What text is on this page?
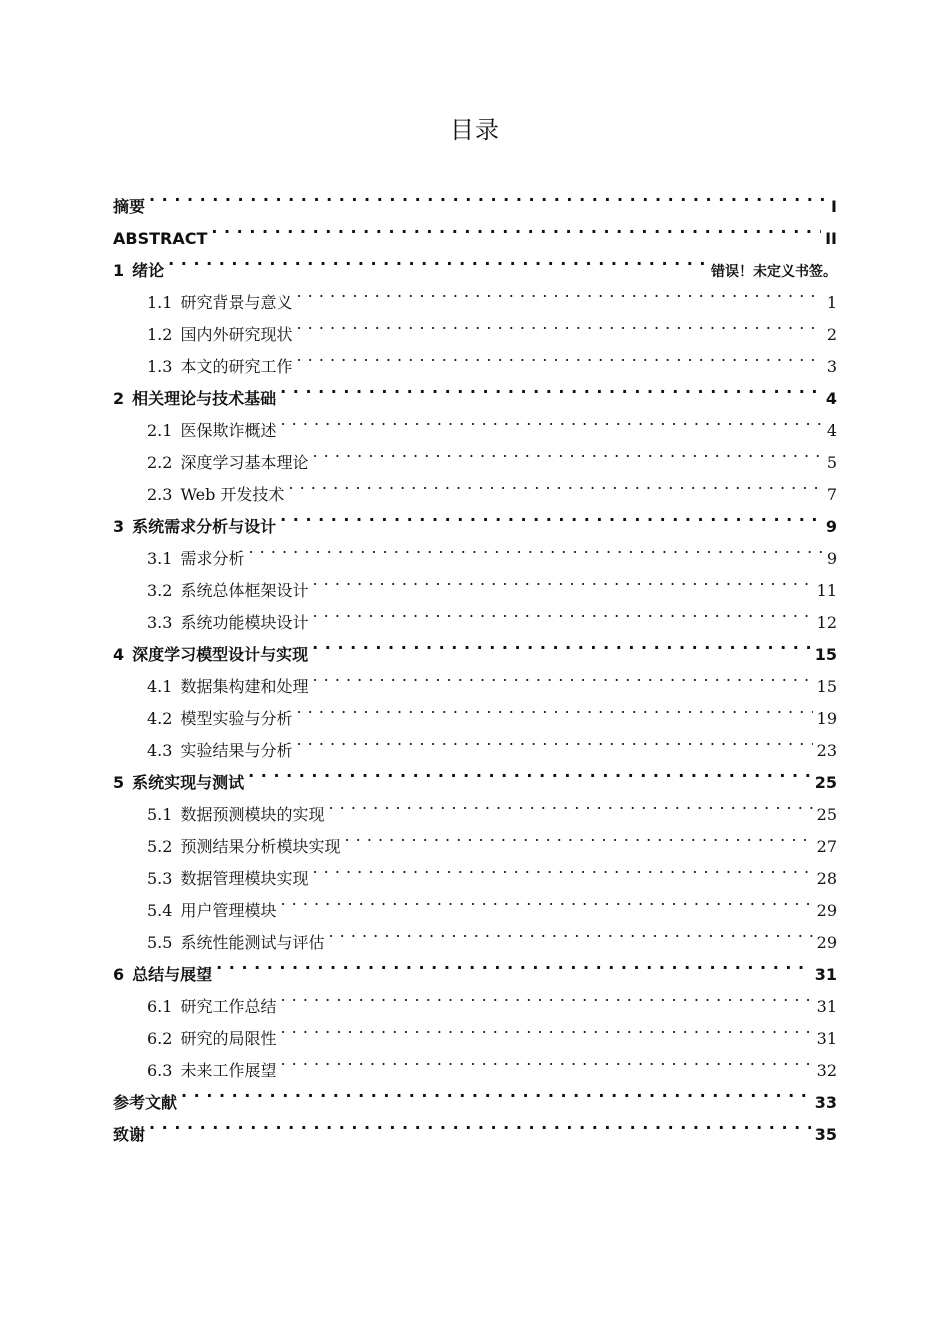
目录
摘要 . . .	I
ABSTRACT . . .	II
1 绪论 . . .	错误！未定义书签。
1.1 研究背景与意义 . . .	1
1.2 国内外研究现状 . . .	2
1.3 本文的研究工作 . . .	3
2 相关理论与技术基础 . . .	4
2.1 医保欺诈概述 . . .	4
2.2 深度学习基本理论 . . .	5
2.3 Web 开发技术 . . .	7
3 系统需求分析与设计 . . .	9
3.1 需求分析 . . .	9
3.2 系统总体框架设计 . . .	11
3.3 系统功能模块设计 . . .	12
4 深度学习模型设计与实现 . . .	15
4.1 数据集构建和处理 . . .	15
4.2 模型实验与分析 . . .	19
4.3 实验结果与分析 . . .	23
5 系统实现与测试 . . .	25
5.1 数据预测模块的实现 . . .	25
5.2 预测结果分析模块实现 . . .	27
5.3 数据管理模块实现 . . .	28
5.4 用户管理模块 . . .	29
5.5 系统性能测试与评估 . . .	29
6 总结与展望 . . .	31
6.1 研究工作总结 . . .	31
6.2 研究的局限性 . . .	31
6.3 未来工作展望 . . .	32
参考文献 . . .	33
致谢 . . .	35
